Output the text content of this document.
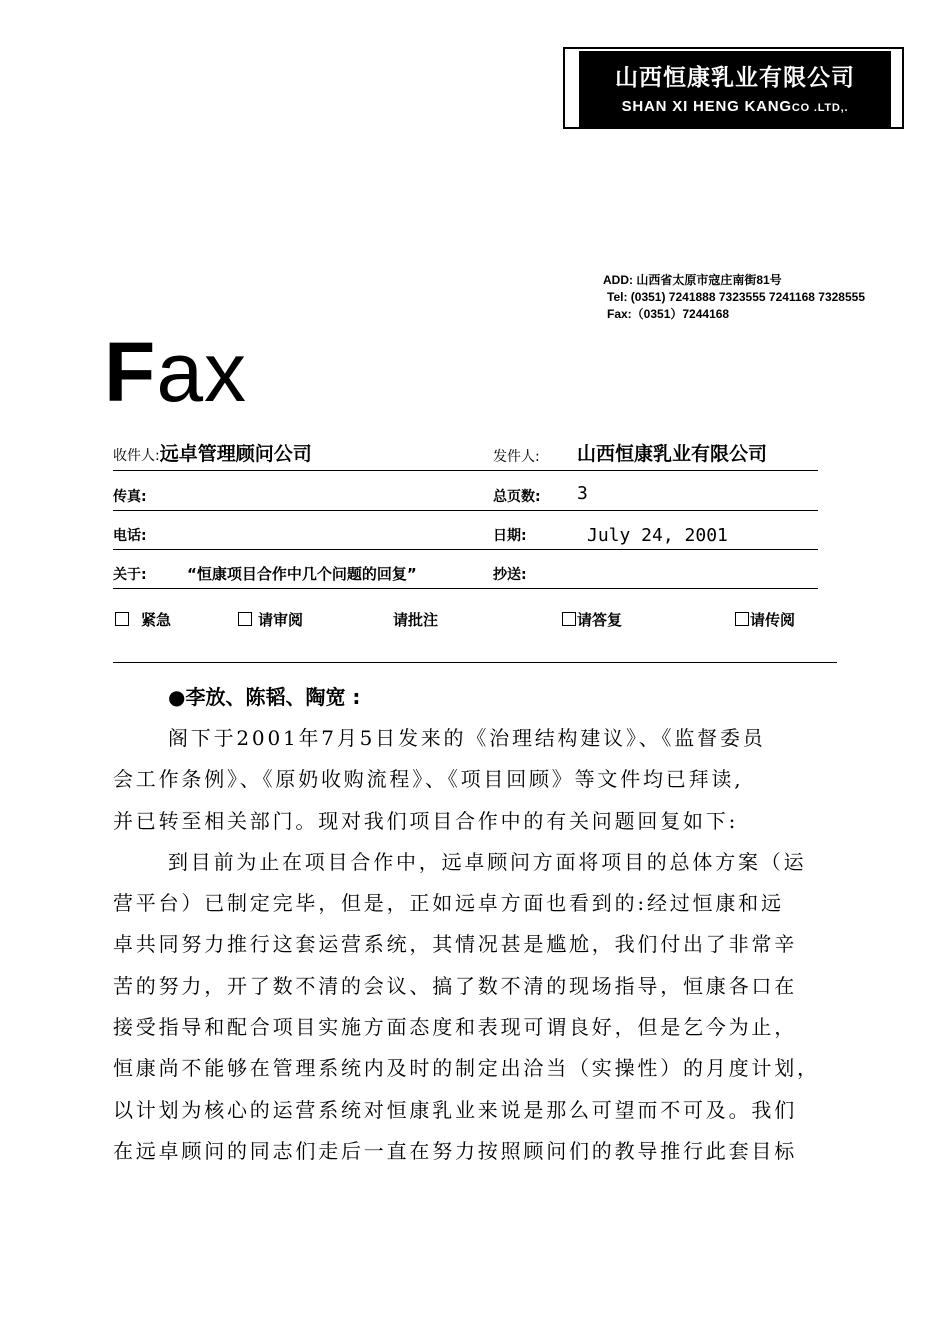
山西恒康乳业有限公司
SHAN XI HENG KANGCO .LTD,.
ADD: 山西省太原市寇庄南街81号
Tel: (0351) 7241888 7323555 7241168 7328555
Fax:（0351）7244168
Fax
收件人:远卓管理顾问公司	发件人: 山西恒康乳业有限公司
传真:	总页数: 3
电话:	日期:	July 24, 2001
关于:	“恒康项目合作中几个问题的回复”	抄送:
紧急	请审阅	请批注	请答复	请传阅
●李放、陈韬、陶宽 :

阁下于2001年7月5日发来的《治理结构建议》、《监督委员

会工作条例》、《原奶收购流程》、《项目回顾》等文件均已拜读,

并已转至相关部门。现对我们项目合作中的有关问题回复如下:

到目前为止在项目合作中，远卓顾问方面将项目的总体方案（运

营平台）已制定完毕，但是，正如远卓方面也看到的:经过恒康和远

卓共同努力推行这套运营系统，其情况甚是尴尬，我们付出了非常辛

苦的努力，开了数不清的会议、搞了数不清的现场指导，恒康各口在

接受指导和配合项目实施方面态度和表现可谓良好，但是乞今为止，

恒康尚不能够在管理系统内及时的制定出洽当（实操性）的月度计划，

以计划为核心的运营系统对恒康乳业来说是那么可望而不可及。我们

在远卓顾问的同志们走后一直在努力按照顾问们的教导推行此套目标
